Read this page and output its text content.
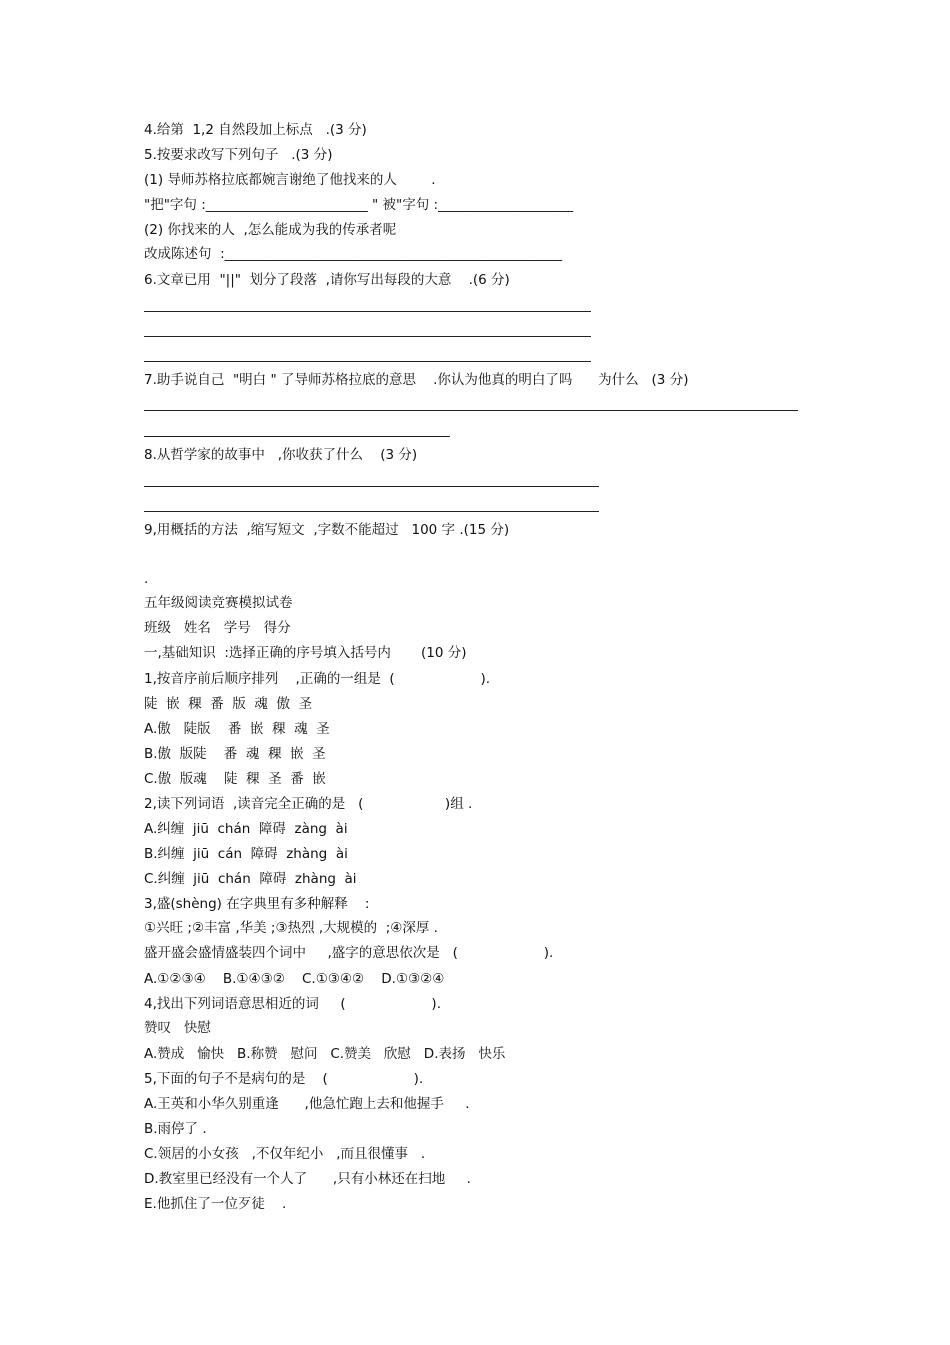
4.给第  1,2 自然段加上标点   .(3 分)
5.按要求改写下列句子   .(3 分)
(1) 导师苏格拉底都婉言谢绝了他找来的人        .
"把"字句 :________________________ " 被"字句 :____________________
(2) 你找来的人  ,怎么能成为我的传承者呢
改成陈述句  :__________________________________________________
6.文章已用  "||"  划分了段落  ,请你写出每段的大意    .(6 分)
7.助手说自己  "明白 " 了导师苏格拉底的意思    .你认为他真的明白了吗      为什么   (3 分)
8.从哲学家的故事中   ,你收获了什么    (3 分)
9,用概括的方法  ,缩写短文  ,字数不能超过   100 字 .(15 分)
.
五年级阅读竞赛模拟试卷
班级   姓名   学号   得分
一,基础知识  :选择正确的序号填入括号内       (10 分)
1,按音序前后顺序排列    ,正确的一组是  (                    ).
陡  嵌  稞  番  版  魂  傲  圣
A.傲   陡版    番  嵌  稞  魂  圣
B.傲  版陡    番  魂  稞  嵌  圣
C.傲  版魂    陡  稞  圣  番  嵌
2,读下列词语  ,读音完全正确的是   (                   )组 .
A.纠缠  jiū  chán  障碍  zàng  ài
B.纠缠  jiū  cán  障碍  zhàng  ài
C.纠缠  jiū  chán  障碍  zhàng  ài
3,盛(shèng) 在字典里有多种解释    :
①兴旺 ;②丰富 ,华美 ;③热烈 ,大规模的  ;④深厚 .
盛开盛会盛情盛装四个词中     ,盛字的意思依次是   (                    ).
A.①②③④    B.①④③②    C.①③④②    D.①③②④
4,找出下列词语意思相近的词     (                    ).
赞叹   快慰
A.赞成   愉快   B.称赞   慰问   C.赞美   欣慰   D.表扬   快乐
5,下面的句子不是病句的是    (                    ).
A.王英和小华久别重逢      ,他急忙跑上去和他握手     .
B.雨停了 .
C.领居的小女孩   ,不仅年纪小   ,而且很懂事   .
D.教室里已经没有一个人了      ,只有小林还在扫地     .
E.他抓住了一位歹徒    .
